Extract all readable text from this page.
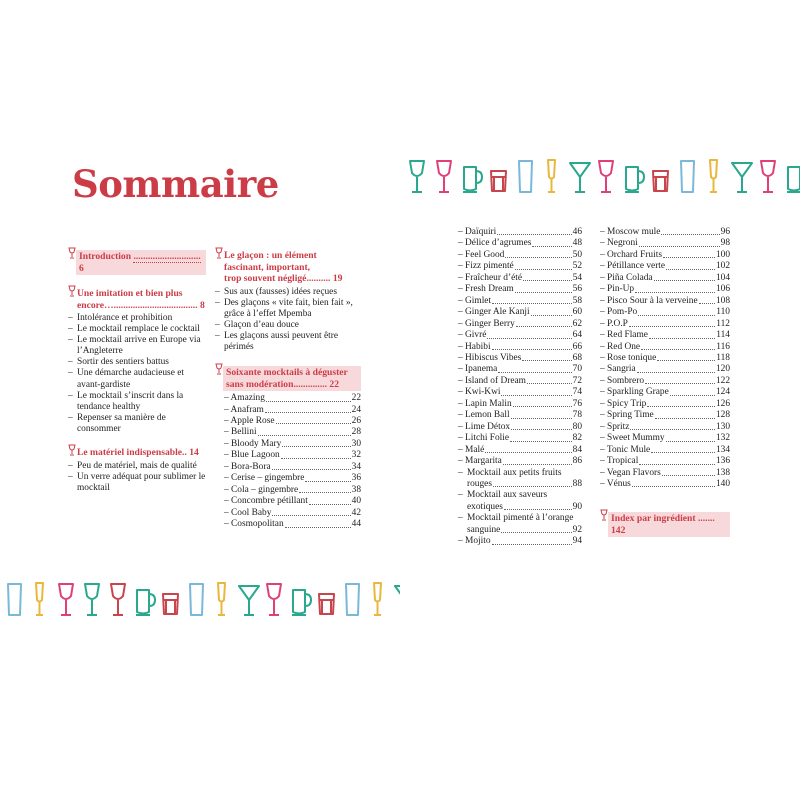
Sommaire
Introduction ............................ 6
Une imitation et bien plus
encore…................................... 8
– Intolérance et prohibition
– Le mocktail remplace le cocktail
– Le mocktail arrive en Europe via l’Angleterre
– Sortir des sentiers battus
– Une démarche audacieuse et avant-gardiste
– Le mocktail s’inscrit dans la tendance healthy
– Repenser sa manière de consommer
Le matériel indispensable.. 14
– Peu de matériel, mais de qualité
– Un verre adéquat pour sublimer le mocktail
Le glaçon : un élément
fascinant, important,
trop souvent négligé.......... 19
– Sus aux (fausses) idées reçues
– Des glaçons « vite fait, bien fait », grâce à l’effet Mpemba
– Glaçon d’eau douce
– Les glaçons aussi peuvent être périmés
Soixante mocktails à déguster
sans modération.............. 22
– Amazing	22
– Anafram	24
– Apple Rose	26
– Bellini	28
– Bloody Mary	30
– Blue Lagoon	32
– Bora-Bora	34
– Cerise – gingembre	36
– Cola – gingembre	38
– Concombre pétillant	40
– Cool Baby	42
– Cosmopolitan	44
– Daïquiri	46
– Délice d’agrumes	48
– Feel Good	50
– Fizz pimenté	52
– Fraîcheur d’été	54
– Fresh Dream	56
– Gimlet	58
– Ginger Ale Kanji	60
– Ginger Berry	62
– Givré	64
– Habibi	66
– Hibiscus Vibes	68
– Ipanema	70
– Island of Dream	72
– Kwi-Kwi	74
– Lapin Malin	76
– Lemon Ball	78
– Lime Détox	80
– Litchi Folie	82
– Malé	84
– Margarita	86
– Mocktail aux petits fruits
rouges	88
– Mocktail aux saveurs
exotiques	90
– Mocktail pimenté à l’orange
sanguine	92
– Mojito	94
– Moscow mule	96
– Negroni	98
– Orchard Fruits	100
– Pétillance verte	102
– Piña Colada	104
– Pin-Up	106
– Pisco Sour à la verveine 108
– Pom-Po	110
– P.O.P	112
– Red Flame	114
– Red One	116
– Rose tonique	118
– Sangria	120
– Sombrero	122
– Sparkling Grape	124
– Spicy Trip	126
– Spring Time	128
– Spritz	130
– Sweet Mummy	132
– Tonic Mule	134
– Tropical	136
– Vegan Flavors	138
– Vénus	140
Index par ingrédient ....... 142
